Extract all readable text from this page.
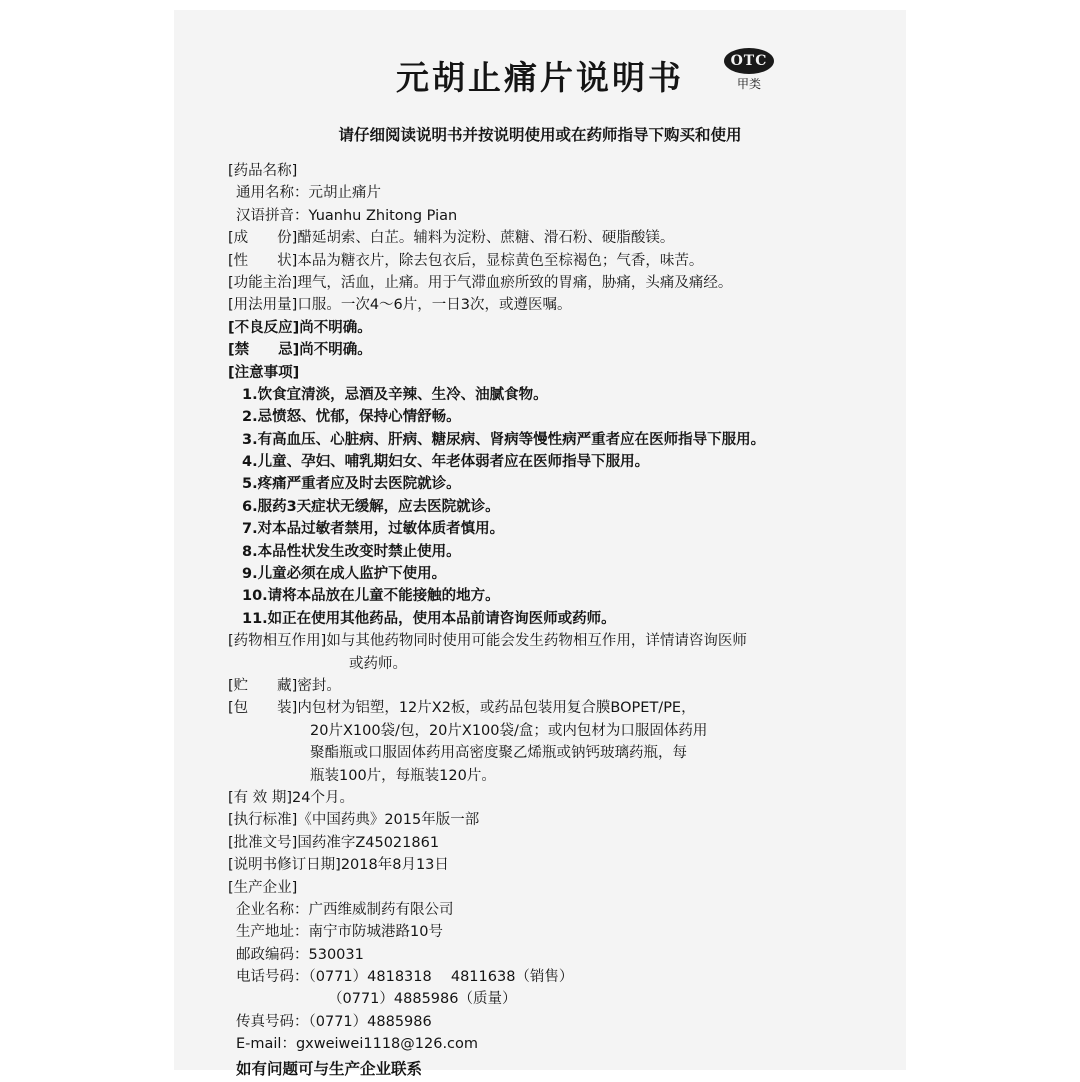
元胡止痛片说明书	OTC
甲类
请仔细阅读说明书并按说明使用或在药师指导下购买和使用
[药品名称]
通用名称：元胡止痛片
汉语拼音：Yuanhu Zhitong Pian
[成　　份]醋延胡索、白芷。辅料为淀粉、蔗糖、滑石粉、硬脂酸镁。
[性　　状]本品为糖衣片，除去包衣后，显棕黄色至棕褐色；气香，味苦。
[功能主治]理气，活血，止痛。用于气滞血瘀所致的胃痛，胁痛，头痛及痛经。
[用法用量]口服。一次4～6片，一日3次，或遵医嘱。
[不良反应]尚不明确。
[禁　　忌]尚不明确。
[注意事项]
1.饮食宜清淡，忌酒及辛辣、生冷、油腻食物。
2.忌愤怒、忧郁，保持心情舒畅。
3.有高血压、心脏病、肝病、糖尿病、肾病等慢性病严重者应在医师指导下服用。
4.儿童、孕妇、哺乳期妇女、年老体弱者应在医师指导下服用。
5.疼痛严重者应及时去医院就诊。
6.服药3天症状无缓解，应去医院就诊。
7.对本品过敏者禁用，过敏体质者慎用。
8.本品性状发生改变时禁止使用。
9.儿童必须在成人监护下使用。
10.请将本品放在儿童不能接触的地方。
11.如正在使用其他药品，使用本品前请咨询医师或药师。
[药物相互作用]如与其他药物同时使用可能会发生药物相互作用，详情请咨询医师
或药师。
[贮　　藏]密封。
[包　　装]内包材为铝塑，12片X2板，或药品包装用复合膜BOPET/PE，
20片X100袋/包，20片X100袋/盒；或内包材为口服固体药用
聚酯瓶或口服固体药用高密度聚乙烯瓶或钠钙玻璃药瓶，每
瓶装100片，每瓶装120片。
[有 效 期]24个月。
[执行标准]《中国药典》2015年版一部
[批准文号]国药准字Z45021861
[说明书修订日期]2018年8月13日
[生产企业]
企业名称：广西维威制药有限公司
生产地址：南宁市防城港路10号
邮政编码：530031
电话号码：（0771）4818318　 4811638（销售）
（0771）4885986（质量）
传真号码：（0771）4885986
E-mail：gxweiwei1118@126.com
如有问题可与生产企业联系
